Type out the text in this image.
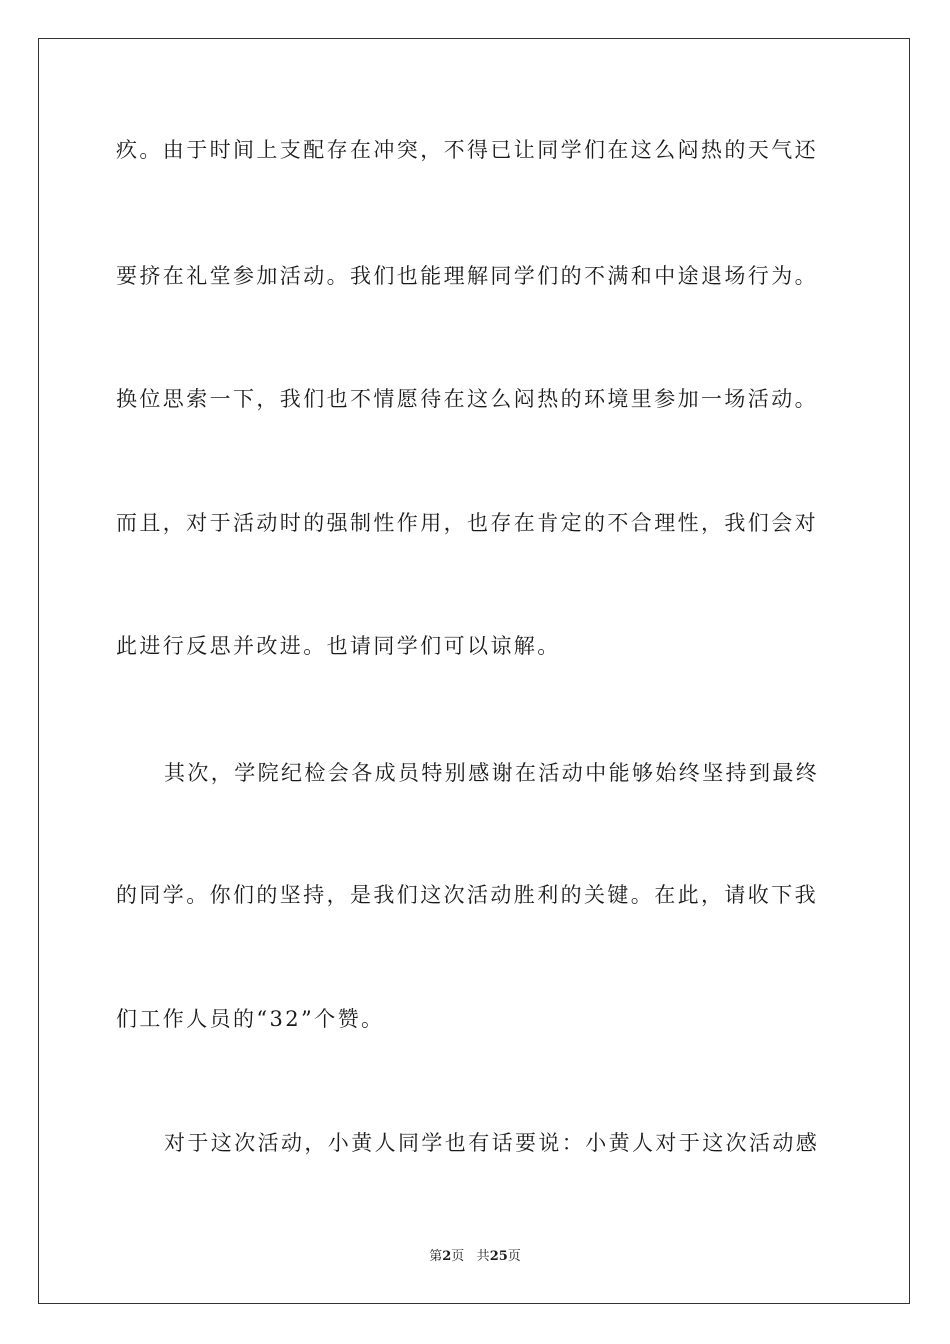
疚。由于时间上支配存在冲突，不得已让同学们在这么闷热的天气还
要挤在礼堂参加活动。我们也能理解同学们的不满和中途退场行为。
换位思索一下，我们也不情愿待在这么闷热的环境里参加一场活动。
而且，对于活动时的强制性作用，也存在肯定的不合理性，我们会对
此进行反思并改进。也请同学们可以谅解。
其次，学院纪检会各成员特别感谢在活动中能够始终坚持到最终
的同学。你们的坚持，是我们这次活动胜利的关键。在此，请收下我
们工作人员的“32”个赞。
对于这次活动，小黄人同学也有话要说：小黄人对于这次活动感
第2页 共25页
